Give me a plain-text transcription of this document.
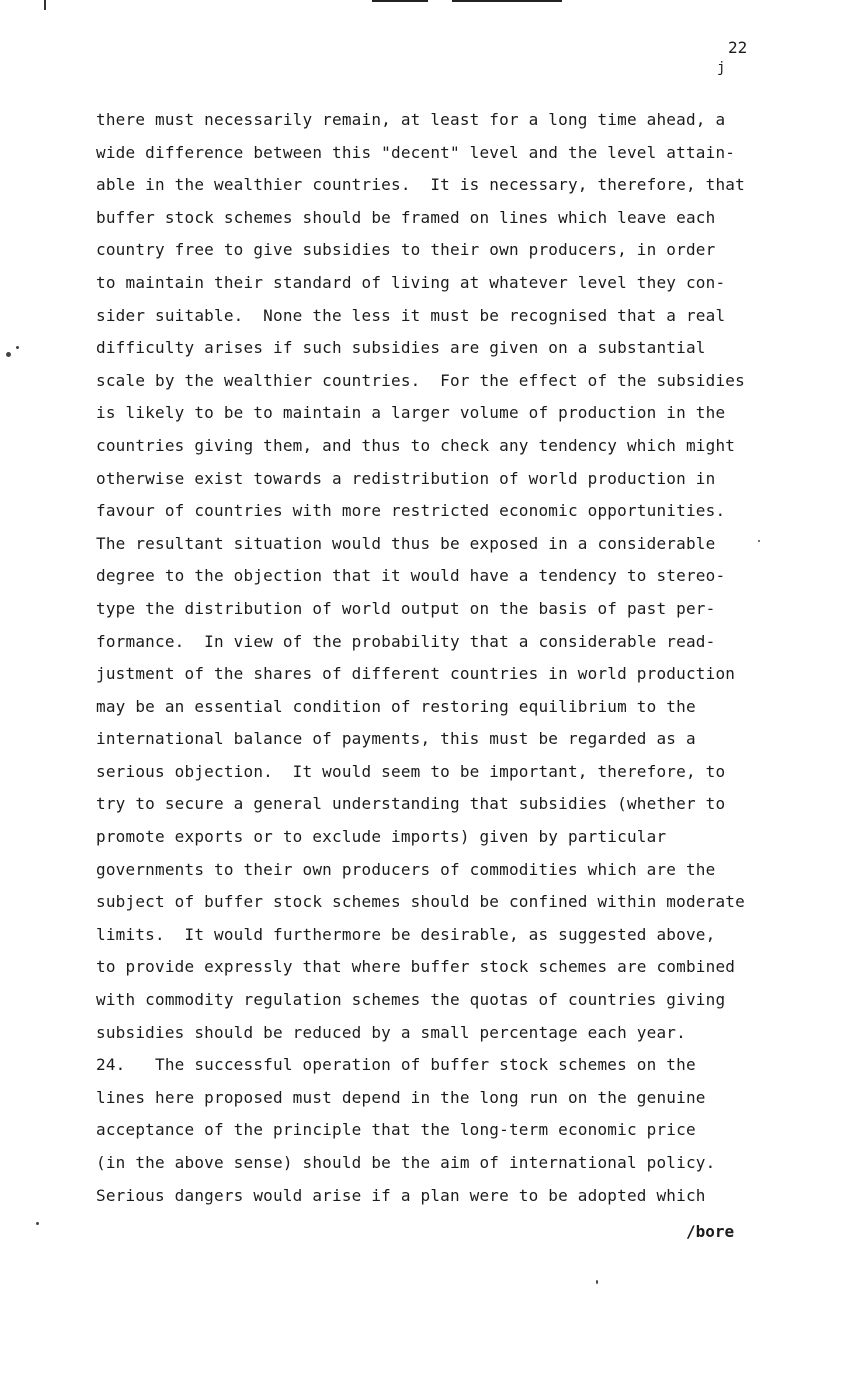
22
j
there must necessarily remain, at least for a long time ahead, a
wide difference between this "decent" level and the level attain-
able in the wealthier countries.  It is necessary, therefore, that
buffer stock schemes should be framed on lines which leave each
country free to give subsidies to their own producers, in order
to maintain their standard of living at whatever level they con-
sider suitable.  None the less it must be recognised that a real
difficulty arises if such subsidies are given on a substantial
scale by the wealthier countries.  For the effect of the subsidies
is likely to be to maintain a larger volume of production in the
countries giving them, and thus to check any tendency which might
otherwise exist towards a redistribution of world production in
favour of countries with more restricted economic opportunities.
The resultant situation would thus be exposed in a considerable
degree to the objection that it would have a tendency to stereo-
type the distribution of world output on the basis of past per-
formance.  In view of the probability that a considerable read-
justment of the shares of different countries in world production
may be an essential condition of restoring equilibrium to the
international balance of payments, this must be regarded as a
serious objection.  It would seem to be important, therefore, to
try to secure a general understanding that subsidies (whether to
promote exports or to exclude imports) given by particular
governments to their own producers of commodities which are the
subject of buffer stock schemes should be confined within moderate
limits.  It would furthermore be desirable, as suggested above,
to provide expressly that where buffer stock schemes are combined
with commodity regulation schemes the quotas of countries giving
subsidies should be reduced by a small percentage each year.
24.   The successful operation of buffer stock schemes on the
lines here proposed must depend in the long run on the genuine
acceptance of the principle that the long-term economic price
(in the above sense) should be the aim of international policy.
Serious dangers would arise if a plan were to be adopted which
/bore
